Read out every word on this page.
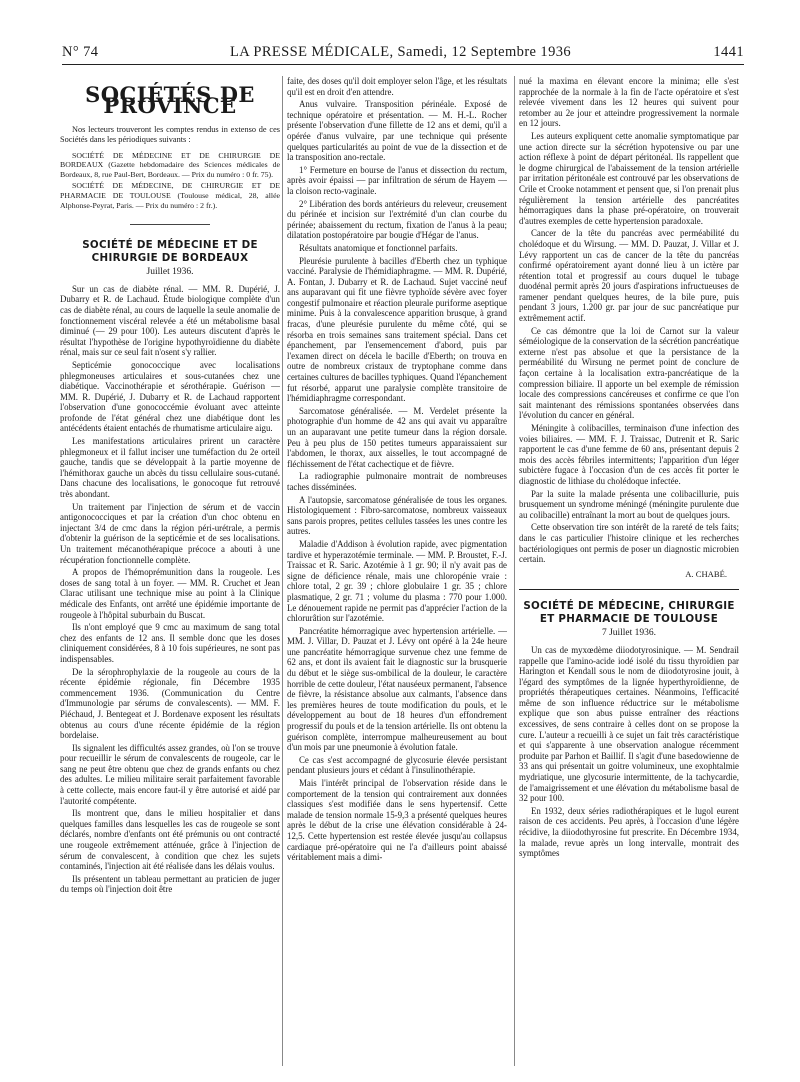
N° 74	LA PRESSE MÉDICALE, Samedi, 12 Septembre 1936	1441
SOCIÉTÉS DE PROVINCE

Nos lecteurs trouveront les comptes rendus in extenso de ces Sociétés dans les périodiques suivants :

SOCIÉTÉ DE MÉDECINE ET DE CHIRURGIE DE BORDEAUX (Gazette hebdomadaire des Sciences médicales de Bordeaux, 8, rue Paul-Bert, Bordeaux. — Prix du numéro : 0 fr. 75).

SOCIÉTÉ DE MÉDECINE, DE CHIRURGIE ET DE PHARMACIE DE TOULOUSE (Toulouse médical, 28, allée Alphonse-Peyrat, Paris. — Prix du numéro : 2 fr.).

SOCIÉTÉ DE MÉDECINE ET DE CHIRURGIE DE BORDEAUX
Juillet 1936.

Sur un cas de diabète rénal. — MM. R. Dupérié, J. Dubarry et R. de Lachaud. Étude biologique complète d'un cas de diabète rénal, au cours de laquelle la seule anomalie de fonctionnement viscéral relevée a été un métabolisme basal diminué (— 29 pour 100). Les auteurs discutent d'après le résultat l'hypothèse de l'origine hypothyroïdienne du diabète rénal, mais sur ce seul fait n'osent s'y rallier.

Septicémie gonococcique avec localisations phlegmoneuses articulaires et sous-cutanées chez une diabétique. Vaccinothérapie et sérothérapie. Guérison — MM. R. Dupérié, J. Dubarry et R. de Lachaud rapportent l'observation d'une gonococcémie évoluant avec atteinte profonde de l'état général chez une diabétique dont les antécédents étaient entachés de rhumatisme articulaire aigu.

Les manifestations articulaires prirent un caractère phlegmoneux et il fallut inciser une tuméfaction du 2e orteil gauche, tandis que se développait à la partie moyenne de l'hémithorax gauche un abcès du tissu cellulaire sous-cutané. Dans chacune des localisations, le gonocoque fut retrouvé très abondant.

Un traitement par l'injection de sérum et de vaccin antigonococciques et par la création d'un choc obtenu en injectant 3/4 de cmc dans la région péri-urétrale, a permis d'obtenir la guérison de la septicémie et de ses localisations. Un traitement mécanothérapique précoce a abouti à une récupération fonctionnelle complète.

A propos de l'hémoprémunition dans la rougeole. Les doses de sang total à un foyer. — MM. R. Cruchet et Jean Clarac utilisant une technique mise au point à la Clinique médicale des Enfants, ont arrêté une épidémie importante de rougeole à l'hôpital suburbain du Buscat.

Ils n'ont employé que 9 cmc au maximum de sang total chez des enfants de 12 ans. Il semble donc que les doses cliniquement considérées, 8 à 10 fois supérieures, ne sont pas indispensables.

De la sérophrophylaxie de la rougeole au cours de la récente épidémie régionale, fin Décembre 1935 commencement 1936. (Communication du Centre d'Immunologie par sérums de convalescents). — MM. F. Piéchaud, J. Bentegeat et J. Bordenave exposent les résultats obtenus au cours d'une récente épidémie de la région bordelaise.

Ils signalent les difficultés assez grandes, où l'on se trouve pour recueillir le sérum de convalescents de rougeole, car le sang ne peut être obtenu que chez de grands enfants ou chez des adultes. Le milieu militaire serait parfaitement favorable à cette collecte, mais encore faut-il y être autorisé et aidé par l'autorité compétente.

Ils montrent que, dans le milieu hospitalier et dans quelques familles dans lesquelles les cas de rougeole se sont déclarés, nombre d'enfants ont été prémunis ou ont contracté une rougeole extrêmement atténuée, grâce à l'injection de sérum de convalescent, à condition que chez les sujets contaminés, l'injection ait été réalisée dans les délais voulus.

Ils présentent un tableau permettant au praticien de juger du temps où l'injection doit être

faite, des doses qu'il doit employer selon l'âge, et les résultats qu'il est en droit d'en attendre.

Anus vulvaire. Transposition périnéale. Exposé de technique opératoire et présentation. — M. H.-L. Rocher présente l'observation d'une fillette de 12 ans et demi, qu'il a opérée d'anus vulvaire, par une technique qui présente quelques particularités au point de vue de la dissection et de la transposition ano-rectale.

1° Fermeture en bourse de l'anus et dissection du rectum, après avoir épaissi — par infiltration de sérum de Hayem — la cloison recto-vaginale.

2° Libération des bords antérieurs du releveur, creusement du périnée et incision sur l'extrémité d'un clan courbe du périnée; abaissement du rectum, fixation de l'anus à la peau; dilatation postopératoire par bougie d'Hégar de l'anus.

Résultats anatomique et fonctionnel parfaits.

Pleurésie purulente à bacilles d'Eberth chez un typhique vacciné. Paralysie de l'hémidiaphragme. — MM. R. Dupérié, A. Fontan, J. Dubarry et R. de Lachaud. Sujet vacciné neuf ans auparavant qui fit une fièvre typhoïde sévère avec foyer congestif pulmonaire et réaction pleurale puriforme aseptique minime. Puis à la convalescence apparition brusque, à grand fracas, d'une pleurésie purulente du même côté, qui se résorba en trois semaines sans traitement spécial. Dans cet épanchement, par l'ensemencement d'abord, puis par l'examen direct on décela le bacille d'Eberth; on trouva en outre de nombreux cristaux de tryptophane comme dans certaines cultures de bacilles typhiques. Quand l'épanchement fut résorbé, apparut une paralysie complète transitoire de l'hémidiaphragme correspondant.

Sarcomatose généralisée. — M. Verdelet présente la photographie d'un homme de 42 ans qui avait vu apparaître un an auparavant une petite tumeur dans la région dorsale. Peu à peu plus de 150 petites tumeurs apparaissaient sur l'abdomen, le thorax, aux aisselles, le tout accompagné de fléchissement de l'état cachectique et de fièvre.

La radiographie pulmonaire montrait de nombreuses taches disséminées.

A l'autopsie, sarcomatose généralisée de tous les organes. Histologiquement : Fibro-sarcomatose, nombreux vaisseaux sans parois propres, petites cellules tassées les unes contre les autres.

Maladie d'Addison à évolution rapide, avec pigmentation tardive et hyperazotémie terminale. — MM. P. Broustet, F.-J. Traissac et R. Saric. Azotémie à 1 gr. 90; il n'y avait pas de signe de déficience rénale, mais une chloropénie vraie : chlore total, 2 gr. 39 ; chlore globulaire 1 gr. 35 ; chlore plasmatique, 2 gr. 71 ; volume du plasma : 770 pour 1.000. Le dénouement rapide ne permit pas d'apprécier l'action de la chlorurâtion sur l'azotémie.

Pancréatite hémorragique avec hypertension artérielle. — MM. J. Villar, D. Pauzat et J. Lévy ont opéré à la 24e heure une pancréatite hémorragique survenue chez une femme de 62 ans, et dont ils avaient fait le diagnostic sur la brusquerie du début et le siège sus-ombilical de la douleur, le caractère horrible de cette douleur, l'état nauséeux permanent, l'absence de fièvre, la résistance absolue aux calmants, l'absence dans les premières heures de toute modification du pouls, et le développement au bout de 18 heures d'un effondrement progressif du pouls et de la tension artérielle. Ils ont obtenu la guérison complète, interrompue malheureusement au bout d'un mois par une pneumonie à évolution fatale.

Ce cas s'est accompagné de glycosurie élevée persistant pendant plusieurs jours et cédant à l'insulinothérapie.

Mais l'intérêt principal de l'observation réside dans le comportement de la tension qui contrairement aux données classiques s'est modifiée dans le sens hypertensif. Cette malade de tension normale 15-9,3 a présenté quelques heures après le début de la crise une élévation considérable à 24-12,5. Cette hypertension est restée élevée jusqu'au collapsus cardiaque pré-opératoire qui ne l'a d'ailleurs point abaissé véritablement mais a dimi-

nué la maxima en élevant encore la minima; elle s'est rapprochée de la normale à la fin de l'acte opératoire et s'est relevée vivement dans les 12 heures qui suivent pour retomber au 2e jour et atteindre progressivement la normale en 12 jours.

Les auteurs expliquent cette anomalie symptomatique par une action directe sur la sécrétion hypotensive ou par une action réflexe à point de départ péritonéal. Ils rappellent que le dogme chirurgical de l'abaissement de la tension artérielle par irritation péritonéale est controuvé par les observations de Crile et Crooke notamment et pensent que, si l'on prenait plus régulièrement la tension artérielle des pancréatites hémorragiques dans la phase pré-opératoire, on trouverait d'autres exemples de cette hypertension paradoxale.

Cancer de la tête du pancréas avec perméabilité du cholédoque et du Wirsung. — MM. D. Pauzat, J. Villar et J. Lévy rapportent un cas de cancer de la tête du pancréas confirmé opératoirement ayant donné lieu à un ictère par rétention total et progressif au cours duquel le tubage duodénal permit après 20 jours d'aspirations infructueuses de ramener pendant quelques heures, de la bile pure, puis pendant 3 jours, 1.200 gr. par jour de suc pancréatique pur extrêmement actif.

Ce cas démontre que la loi de Carnot sur la valeur séméiologique de la conservation de la sécrétion pancréatique externe n'est pas absolue et que la persistance de la perméabilité du Wirsung ne permet point de conclure de façon certaine à la localisation extra-pancréatique de la compression biliaire. Il apporte un bel exemple de rémission locale des compressions cancéreuses et confirme ce que l'on sait maintenant des rémissions spontanées observées dans l'évolution du cancer en général.

Méningite à colibacilles, terminaison d'une infection des voies biliaires. — MM. F. J. Traissac, Dutrenit et R. Saric rapportent le cas d'une femme de 60 ans, présentant depuis 2 mois des accès fébriles intermittents; l'apparition d'un léger subictère fugace à l'occasion d'un de ces accès fit porter le diagnostic de lithiase du cholédoque infectée.

Par la suite la malade présenta une colibacillurie, puis brusquement un syndrome méningé (méningite purulente due au colibacille) entraînant la mort au bout de quelques jours.

Cette observation tire son intérêt de la rareté de tels faits; dans le cas particulier l'histoire clinique et les recherches bactériologiques ont permis de poser un diagnostic microbien certain.

A. CHABÉ.
SOCIÉTÉ DE MÉDECINE, CHIRURGIE ET PHARMACIE DE TOULOUSE
7 Juillet 1936.

Un cas de myxœdème diiodotyrosinique. — M. Sendrail rappelle que l'amino-acide iodé isolé du tissu thyroïdien par Harington et Kendall sous le nom de diiodotyrosine jouit, à l'égard des symptômes de la lignée hyperthyroïdienne, de propriétés thérapeutiques certaines. Néanmoins, l'efficacité même de son influence réductrice sur le métabolisme explique que son abus puisse entraîner des réactions excessives, de sens contraire à celles dont on se propose la cure. L'auteur a recueilli à ce sujet un fait très caractéristique et qui s'apparente à une observation analogue récemment produite par Parhon et Baillif. Il s'agit d'une basedowienne de 33 ans qui présentait un goitre volumineux, une exophtalmie mydriatique, une glycosurie intermittente, de la tachycardie, de l'amaigrissement et une élévation du métabolisme basal de 32 pour 100.

En 1932, deux séries radiothérapiques et le lugol eurent raison de ces accidents. Peu après, à l'occasion d'une légère récidive, la diiodothyrosine fut prescrite. En Décembre 1934, la malade, revue après un long intervalle, montrait des symptômes
